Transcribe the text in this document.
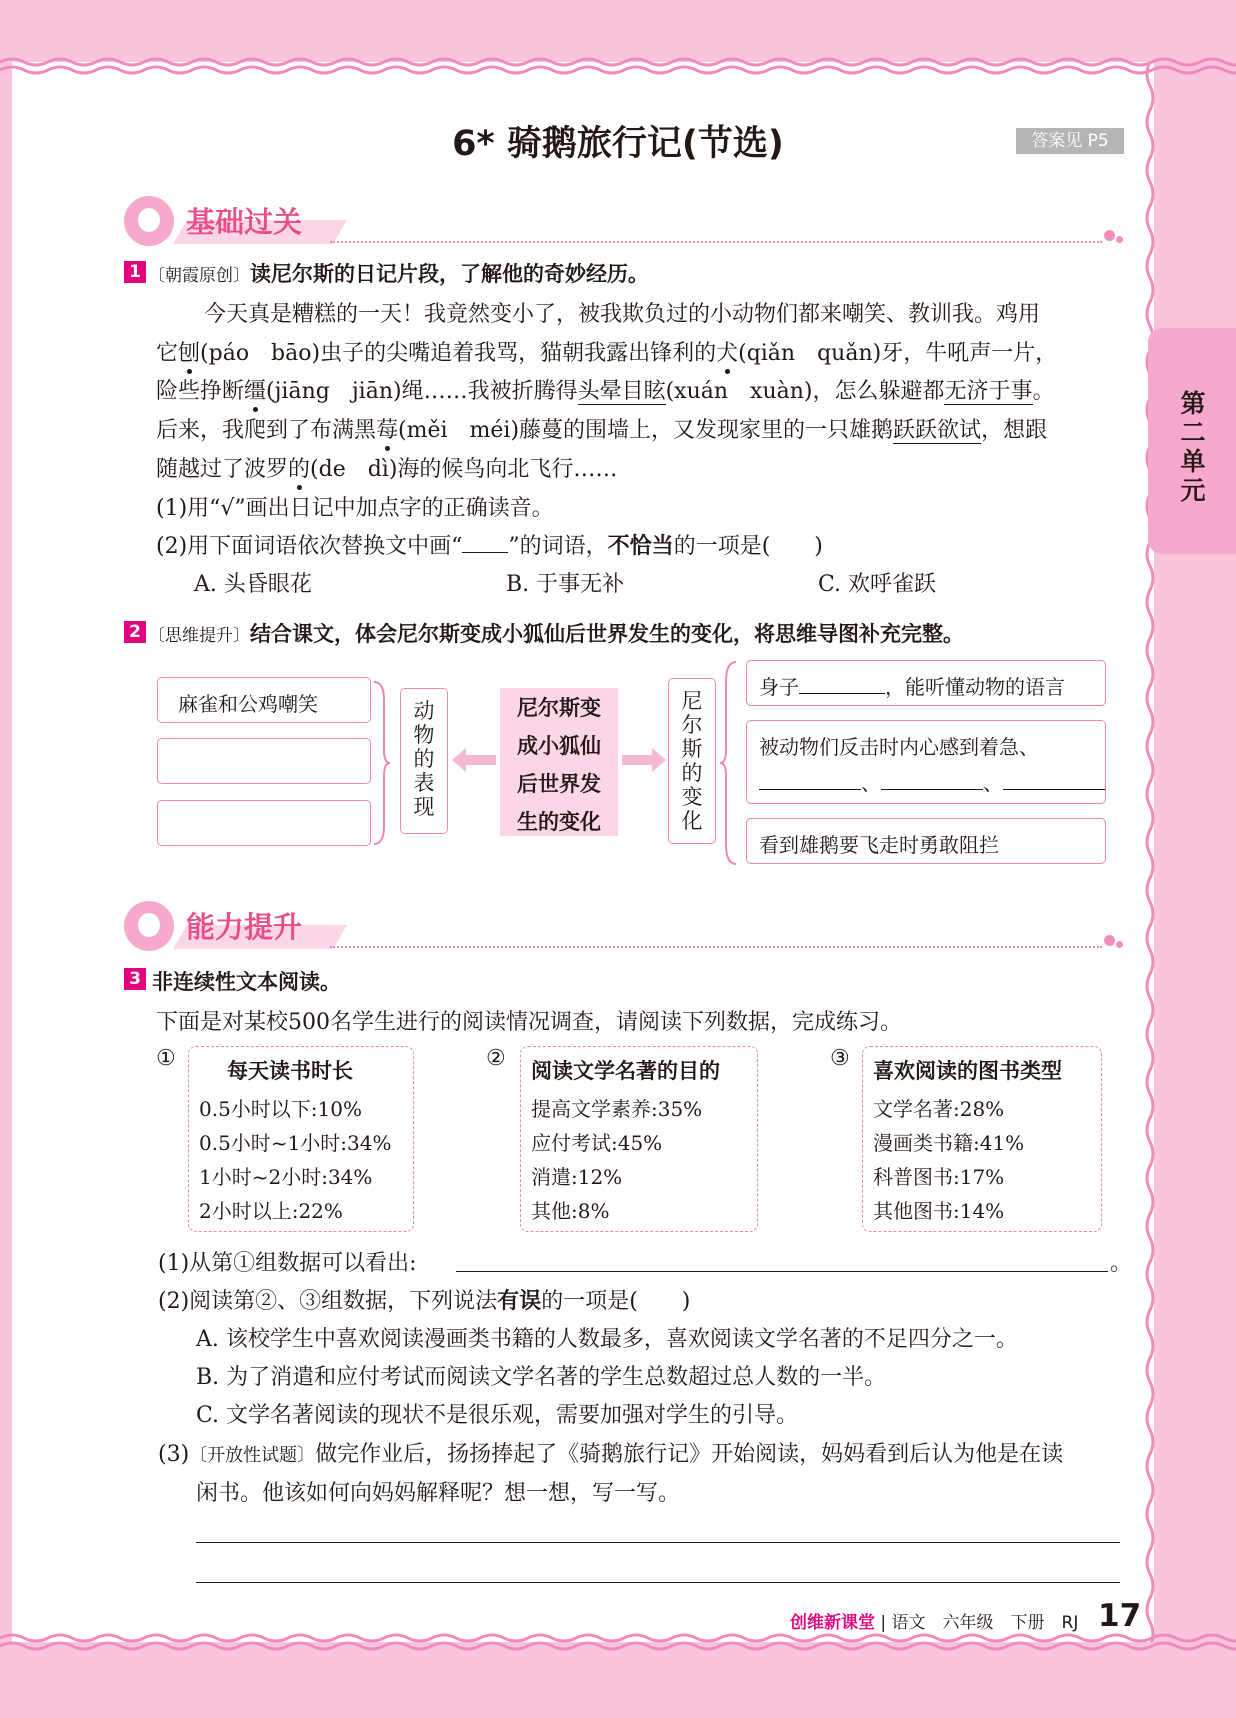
第二单元
6* 骑鹅旅行记(节选)	答案见 P5
基础过关
1 〔朝霞原创〕读尼尔斯的日记片段，了解他的奇妙经历。
今天真是糟糕的一天！我竟然变小了，被我欺负过的小动物们都来嘲笑、教训我。鸡用
它刨(páo　bāo)虫子的尖嘴追着我骂，猫朝我露出锋利的犬(qiǎn　quǎn)牙，牛吼声一片，
险些挣断缰(jiāng　jiān)绳……我被折腾得头晕目眩(xuán　xuàn)，怎么躲避都无济于事。
后来，我爬到了布满黑莓(měi　méi)藤蔓的围墙上，又发现家里的一只雄鹅跃跃欲试，想跟
随越过了波罗的(de　dì)海的候鸟向北飞行……
(1)用“√”画出日记中加点字的正确读音。
(2)用下面词语依次替换文中画“ ”的词语，不恰当的一项是(　　)
A. 头昏眼花	B. 于事无补	C. 欢呼雀跃
2 〔思维提升〕结合课文，体会尼尔斯变成小狐仙后世界发生的变化，将思维导图补充完整。
麻雀和公鸡嘲笑	动物的表现
尼尔斯变
成小狐仙
后世界发
生的变化
尼尔斯的变化
身子	，能听懂动物的语言
被动物们反击时内心感到着急、
、	、
看到雄鹅要飞走时勇敢阻拦
能力提升
3 非连续性文本阅读。
下面是对某校500名学生进行的阅读情况调查，请阅读下列数据，完成练习。
① 每天读书时长
0.5小时以下:10%
0.5小时~1小时:34%
1小时~2小时:34%
2小时以上:22%
② 阅读文学名著的目的
提高文学素养:35%
应付考试:45%
消遣:12%
其他:8%
③ 喜欢阅读的图书类型
文学名著:28%
漫画类书籍:41%
科普图书:17%
其他图书:14%
(1)从第①组数据可以看出:	。
(2)阅读第②、③组数据，下列说法有误的一项是(　　)
A. 该校学生中喜欢阅读漫画类书籍的人数最多，喜欢阅读文学名著的不足四分之一。
B. 为了消遣和应付考试而阅读文学名著的学生总数超过总人数的一半。
C. 文学名著阅读的现状不是很乐观，需要加强对学生的引导。
(3)〔开放性试题〕做完作业后，扬扬捧起了《骑鹅旅行记》开始阅读，妈妈看到后认为他是在读
闲书。他该如何向妈妈解释呢？想一想，写一写。
创维新课堂 | 语文　六年级　下册　RJ 17
